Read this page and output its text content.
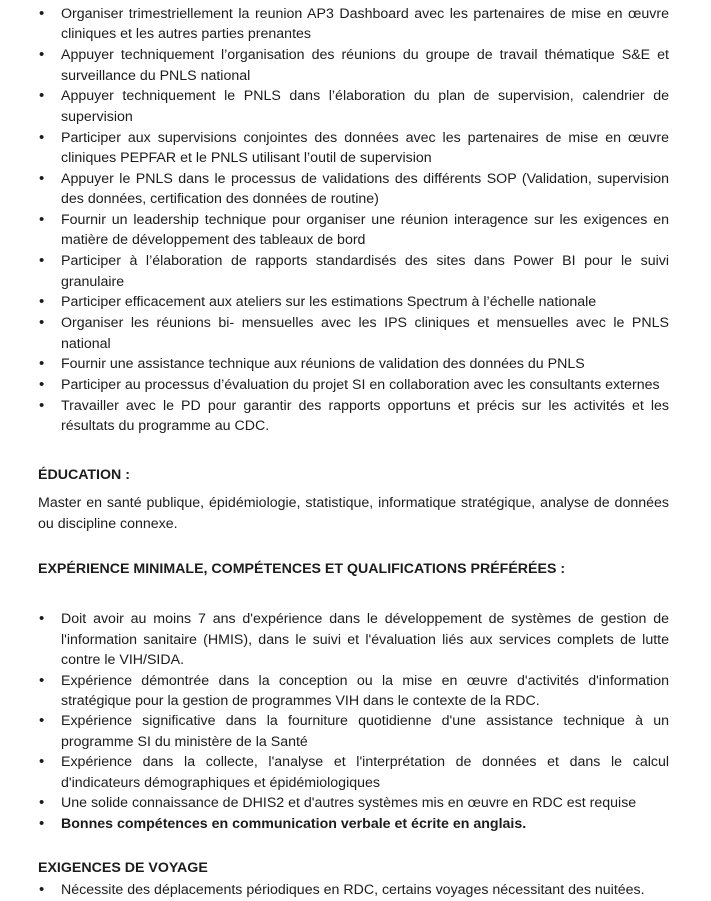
• Organiser trimestriellement la reunion AP3 Dashboard avec les partenaires de mise en œuvre cliniques et les autres parties prenantes
• Appuyer techniquement l’organisation des réunions du groupe de travail thématique S&E et surveillance du PNLS national
• Appuyer techniquement le PNLS dans l’élaboration du plan de supervision, calendrier de supervision
• Participer aux supervisions conjointes des données avec les partenaires de mise en œuvre cliniques PEPFAR et le PNLS utilisant l’outil de supervision
• Appuyer le PNLS dans le processus de validations des différents SOP (Validation, supervision des données, certification des données de routine)
• Fournir un leadership technique pour organiser une réunion interagence sur les exigences en matière de développement des tableaux de bord
• Participer à l’élaboration de rapports standardisés des sites dans Power BI pour le suivi granulaire
• Participer efficacement aux ateliers sur les estimations Spectrum à l’échelle nationale
• Organiser les réunions bi- mensuelles avec les IPS cliniques et mensuelles avec le PNLS national
• Fournir une assistance technique aux réunions de validation des données du PNLS
• Participer au processus d’évaluation du projet SI en collaboration avec les consultants externes
• Travailler avec le PD pour garantir des rapports opportuns et précis sur les activités et les résultats du programme au CDC.

ÉDUCATION :

Master en santé publique, épidémiologie, statistique, informatique stratégique, analyse de données ou discipline connexe.

EXPÉRIENCE MINIMALE, COMPÉTENCES ET QUALIFICATIONS PRÉFÉRÉES :

• Doit avoir au moins 7 ans d'expérience dans le développement de systèmes de gestion de l'information sanitaire (HMIS), dans le suivi et l'évaluation liés aux services complets de lutte contre le VIH/SIDA.
• Expérience démontrée dans la conception ou la mise en œuvre d'activités d'information stratégique pour la gestion de programmes VIH dans le contexte de la RDC.
• Expérience significative dans la fourniture quotidienne d'une assistance technique à un programme SI du ministère de la Santé
• Expérience dans la collecte, l'analyse et l'interprétation de données et dans le calcul d'indicateurs démographiques et épidémiologiques
• Une solide connaissance de DHIS2 et d'autres systèmes mis en œuvre en RDC est requise
• Bonnes compétences en communication verbale et écrite en anglais.

EXIGENCES DE VOYAGE

• Nécessite des déplacements périodiques en RDC, certains voyages nécessitant des nuitées.
